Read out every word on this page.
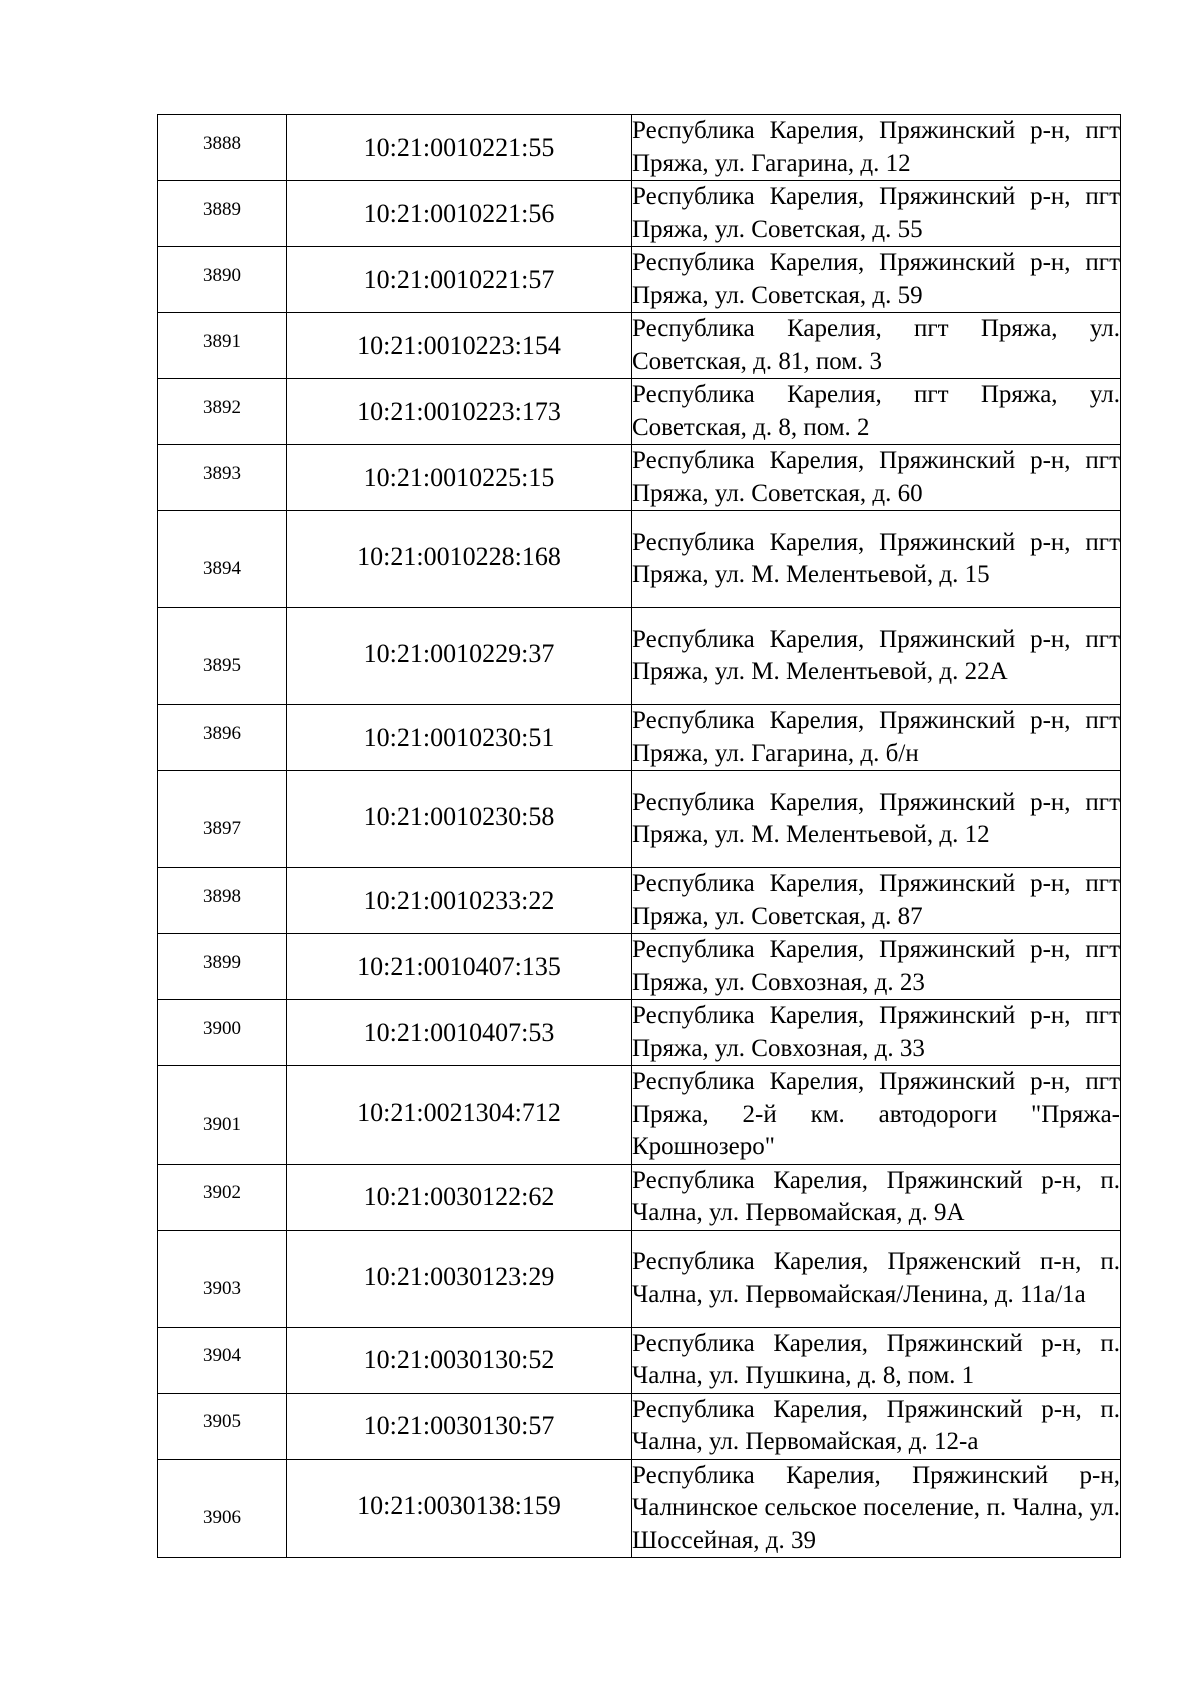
3888	10:21:0010221:55	Республика Карелия, Пряжинский р-н, пгт Пряжа, ул. Гагарина, д. 12
3889	10:21:0010221:56	Республика Карелия, Пряжинский р-н, пгт Пряжа, ул. Советская, д. 55
3890	10:21:0010221:57	Республика Карелия, Пряжинский р-н, пгт Пряжа, ул. Советская, д. 59
3891	10:21:0010223:154	Республика Карелия, пгт Пряжа, ул. Советская, д. 81, пом. 3
3892	10:21:0010223:173	Республика Карелия, пгт Пряжа, ул. Советская, д. 8, пом. 2
3893	10:21:0010225:15	Республика Карелия, Пряжинский р-н, пгт Пряжа, ул. Советская, д. 60
3894	10:21:0010228:168	Республика Карелия, Пряжинский р-н, пгт Пряжа, ул. М. Мелентьевой, д. 15
3895	10:21:0010229:37	Республика Карелия, Пряжинский р-н, пгт Пряжа, ул. М. Мелентьевой, д. 22А
3896	10:21:0010230:51	Республика Карелия, Пряжинский р-н, пгт Пряжа, ул. Гагарина, д. б/н
3897	10:21:0010230:58	Республика Карелия, Пряжинский р-н, пгт Пряжа, ул. М. Мелентьевой, д. 12
3898	10:21:0010233:22	Республика Карелия, Пряжинский р-н, пгт Пряжа, ул. Советская, д. 87
3899	10:21:0010407:135	Республика Карелия, Пряжинский р-н, пгт Пряжа, ул. Совхозная, д. 23
3900	10:21:0010407:53	Республика Карелия, Пряжинский р-н, пгт Пряжа, ул. Совхозная, д. 33
3901	10:21:0021304:712	Республика Карелия, Пряжинский р-н, пгт Пряжа, 2-й км. автодороги "Пряжа-Крошнозеро"
3902	10:21:0030122:62	Республика Карелия, Пряжинский р-н, п. Чална, ул. Первомайская, д. 9А
3903	10:21:0030123:29	Республика Карелия, Пряженский п-н, п. Чална, ул. Первомайская/Ленина, д. 11а/1а
3904	10:21:0030130:52	Республика Карелия, Пряжинский р-н, п. Чална, ул. Пушкина, д. 8, пом. 1
3905	10:21:0030130:57	Республика Карелия, Пряжинский р-н, п. Чална, ул. Первомайская, д. 12-а
3906	10:21:0030138:159	Республика Карелия, Пряжинский р-н, Чалнинское сельское поселение, п. Чална, ул. Шоссейная, д. 39
